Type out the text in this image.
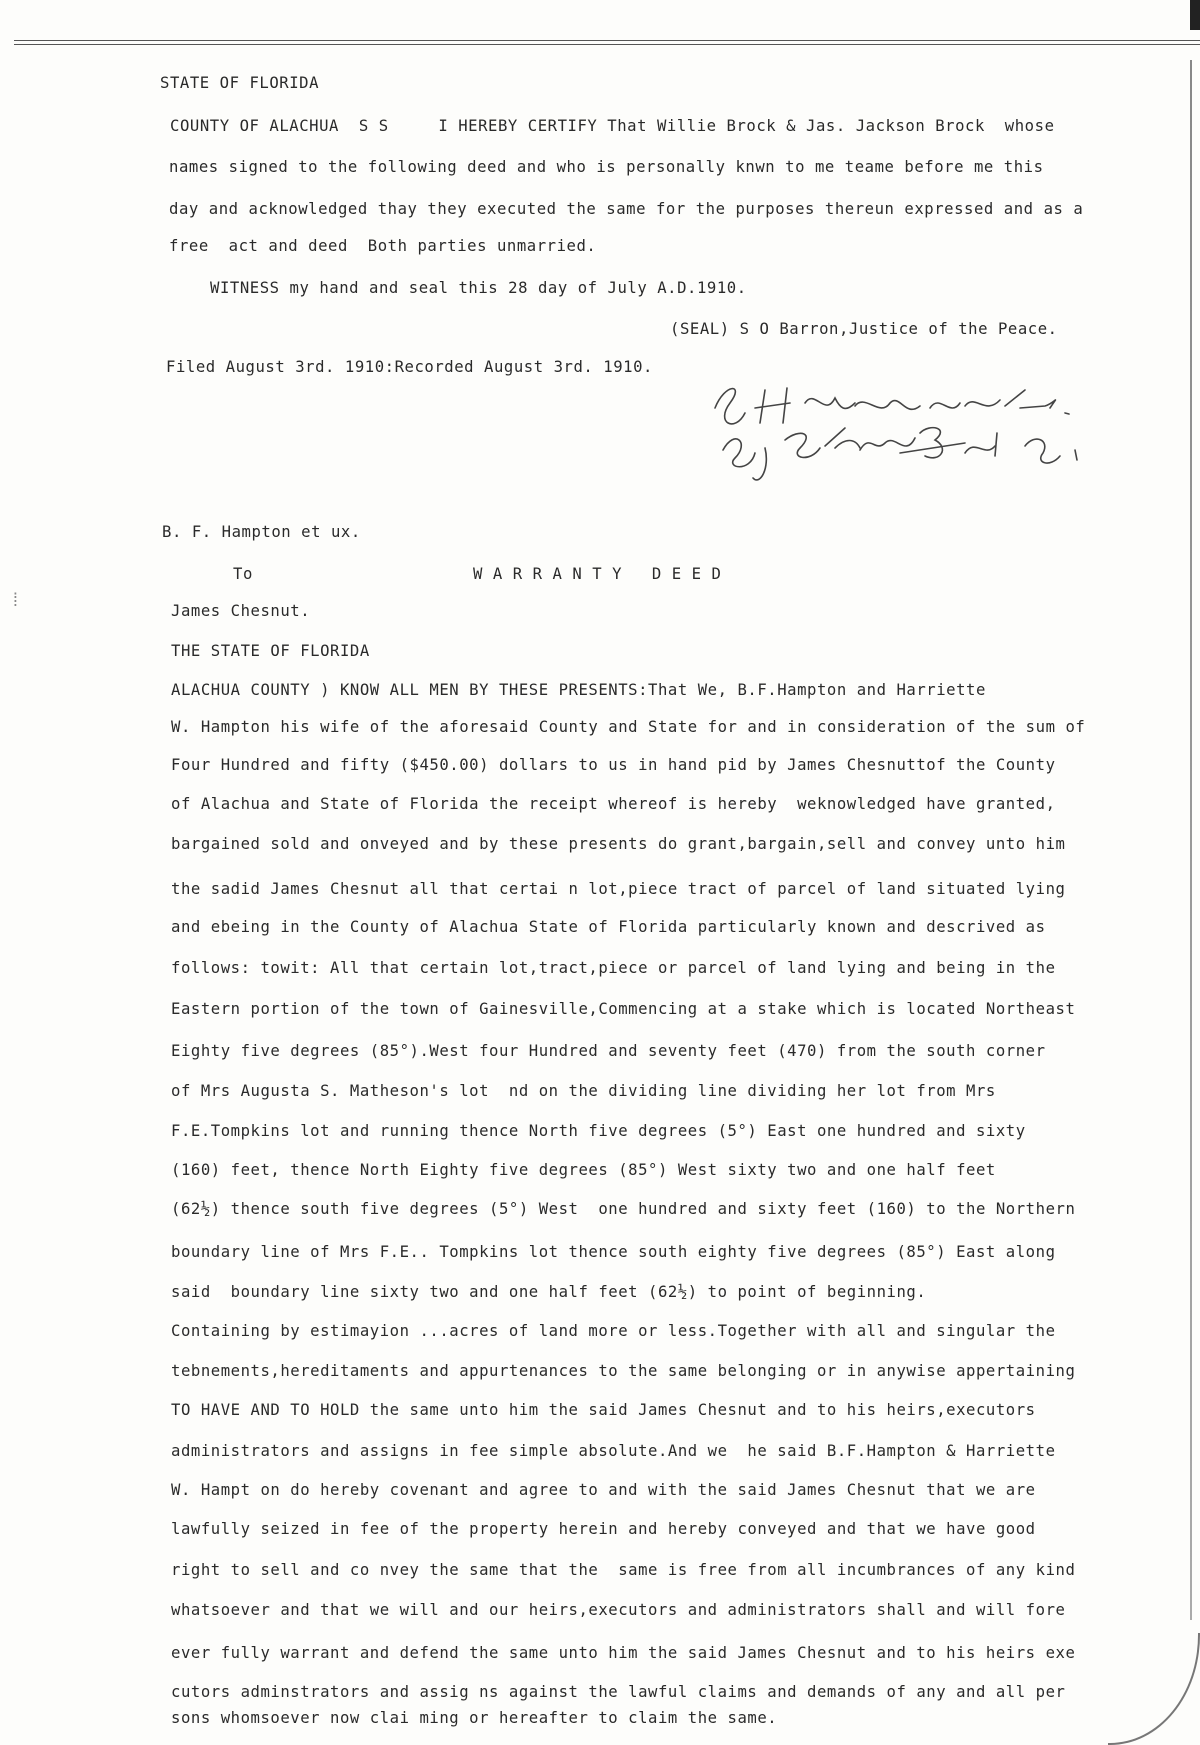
⁞
STATE OF FLORIDA
COUNTY OF ALACHUA  S S     I HEREBY CERTIFY That Willie Brock & Jas. Jackson Brock  whose
names signed to the following deed and who is personally knwn to me teame before me this
day and acknowledged thay they executed the same for the purposes thereun expressed and as a
free  act and deed  Both parties unmarried.
WITNESS my hand and seal this 28 day of July A.D.1910.
(SEAL) S O Barron,Justice of the Peace.
Filed August 3rd. 1910:Recorded August 3rd. 1910.
B. F. Hampton et ux.
To	W A R R A N T Y   D E E D
James Chesnut.
THE STATE OF FLORIDA
ALACHUA COUNTY ) KNOW ALL MEN BY THESE PRESENTS:That We, B.F.Hampton and Harriette
W. Hampton his wife of the aforesaid County and State for and in consideration of the sum of
Four Hundred and fifty ($450.00) dollars to us in hand pid by James Chesnuttof the County
of Alachua and State of Florida the receipt whereof is hereby  weknowledged have granted,
bargained sold and onveyed and by these presents do grant,bargain,sell and convey unto him
the sadid James Chesnut all that certai n lot,piece tract of parcel of land situated lying
and ebeing in the County of Alachua State of Florida particularly known and descrived as
follows: towit: All that certain lot,tract,piece or parcel of land lying and being in the
Eastern portion of the town of Gainesville,Commencing at a stake which is located Northeast
Eighty five degrees (85°).West four Hundred and seventy feet (470) from the south corner
of Mrs Augusta S. Matheson's lot  nd on the dividing line dividing her lot from Mrs
F.E.Tompkins lot and running thence North five degrees (5°) East one hundred and sixty
(160) feet, thence North Eighty five degrees (85°) West sixty two and one half feet
(62½) thence south five degrees (5°) West  one hundred and sixty feet (160) to the Northern
boundary line of Mrs F.E.. Tompkins lot thence south eighty five degrees (85°) East along
said  boundary line sixty two and one half feet (62½) to point of beginning.
Containing by estimayion ...acres of land more or less.Together with all and singular the
tebnements,hereditaments and appurtenances to the same belonging or in anywise appertaining
TO HAVE AND TO HOLD the same unto him the said James Chesnut and to his heirs,executors
administrators and assigns in fee simple absolute.And we  he said B.F.Hampton & Harriette
W. Hampt on do hereby covenant and agree to and with the said James Chesnut that we are
lawfully seized in fee of the property herein and hereby conveyed and that we have good
right to sell and co nvey the same that the  same is free from all incumbrances of any kind
whatsoever and that we will and our heirs,executors and administrators shall and will fore
ever fully warrant and defend the same unto him the said James Chesnut and to his heirs exe
cutors adminstrators and assig ns against the lawful claims and demands of any and all per
sons whomsoever now clai ming or hereafter to claim the same.
